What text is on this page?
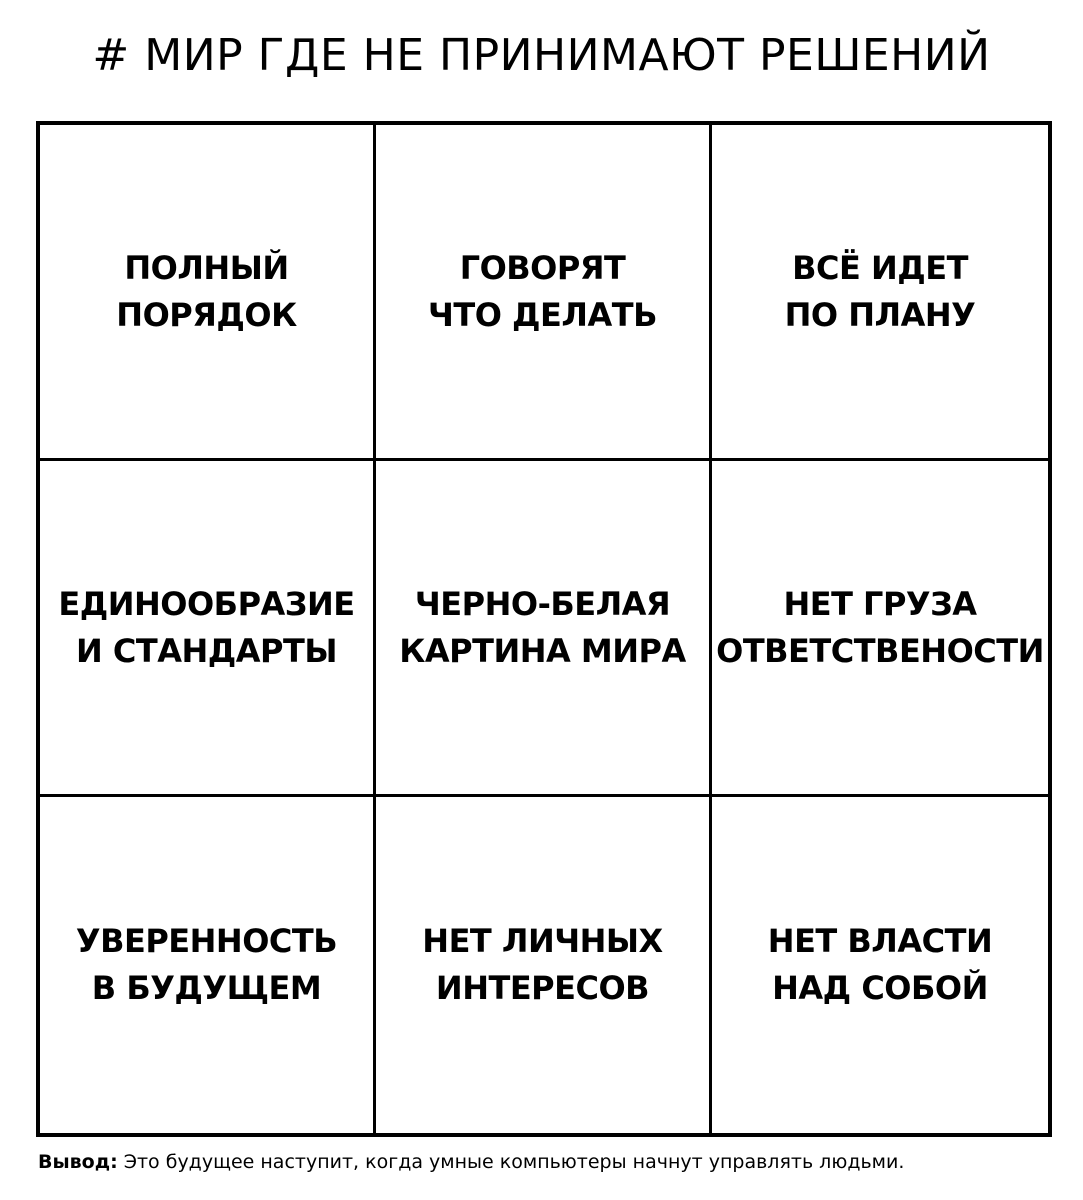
# МИР ГДЕ НЕ ПРИНИМАЮТ РЕШЕНИЙ
ПОЛНЫЙ
ПОРЯДОК
ГОВОРЯТ
ЧТО ДЕЛАТЬ
ВСЁ ИДЕТ
ПО ПЛАНУ
ЕДИНООБРАЗИЕ
И СТАНДАРТЫ
ЧЕРНО-БЕЛАЯ
КАРТИНА МИРА
НЕТ ГРУЗА
ОТВЕТСТВЕНОСТИ
УВЕРЕННОСТЬ
В БУДУЩЕМ
НЕТ ЛИЧНЫХ
ИНТЕРЕСОВ
НЕТ ВЛАСТИ
НАД СОБОЙ
Вывод: Это будущее наступит, когда умные компьютеры начнут управлять людьми.
